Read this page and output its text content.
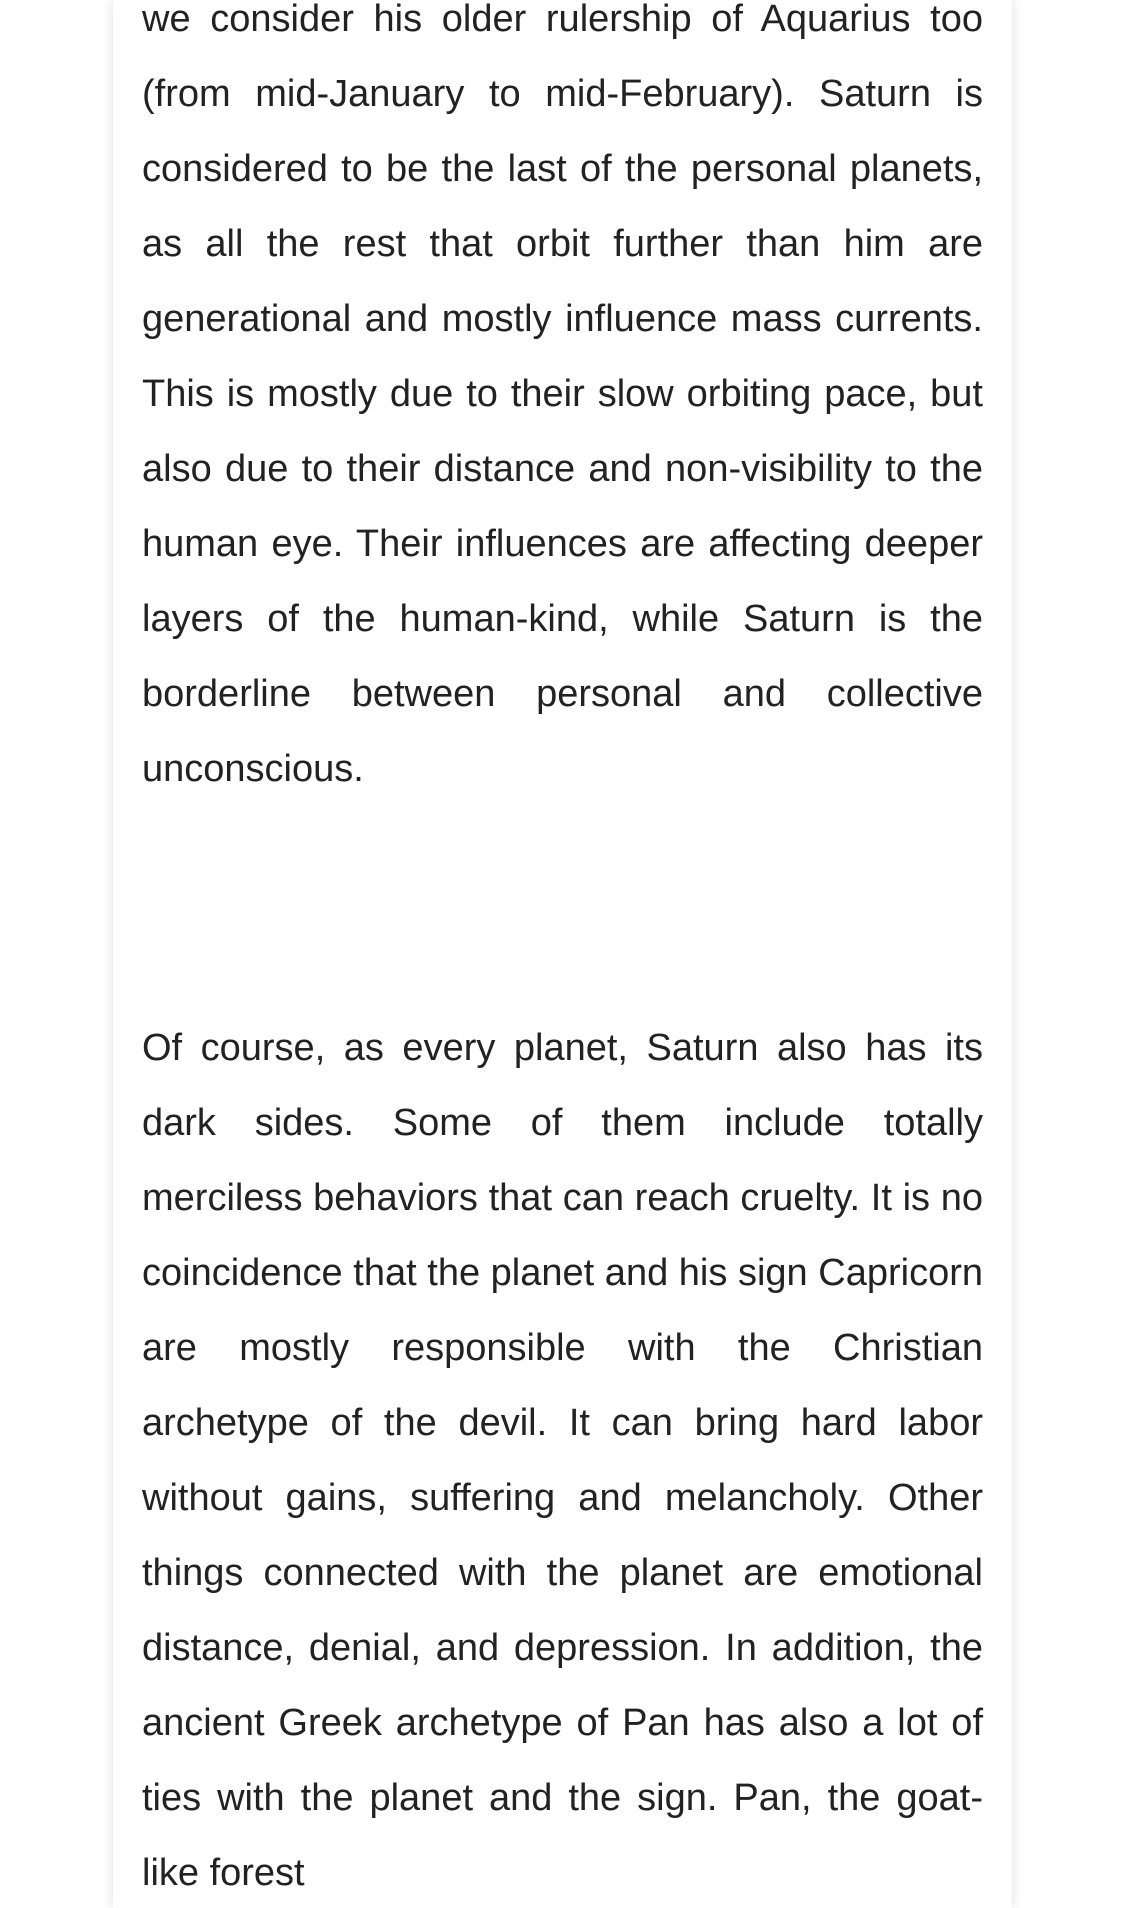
we consider his older rulership of Aquarius too (from mid-January to mid-February). Saturn is considered to be the last of the personal planets, as all the rest that orbit further than him are generational and mostly influence mass currents. This is mostly due to their slow orbiting pace, but also due to their distance and non-visibility to the human eye. Their influences are affecting deeper layers of the human-kind, while Saturn is the borderline between personal and collective unconscious.

Of course, as every planet, Saturn also has its dark sides. Some of them include totally merciless behaviors that can reach cruelty. It is no coincidence that the planet and his sign Capricorn are mostly responsible with the Christian archetype of the devil. It can bring hard labor without gains, suffering and melancholy. Other things connected with the planet are emotional distance, denial, and depression. In addition, the ancient Greek archetype of Pan has also a lot of ties with the planet and the sign. Pan, the goat-like forest
